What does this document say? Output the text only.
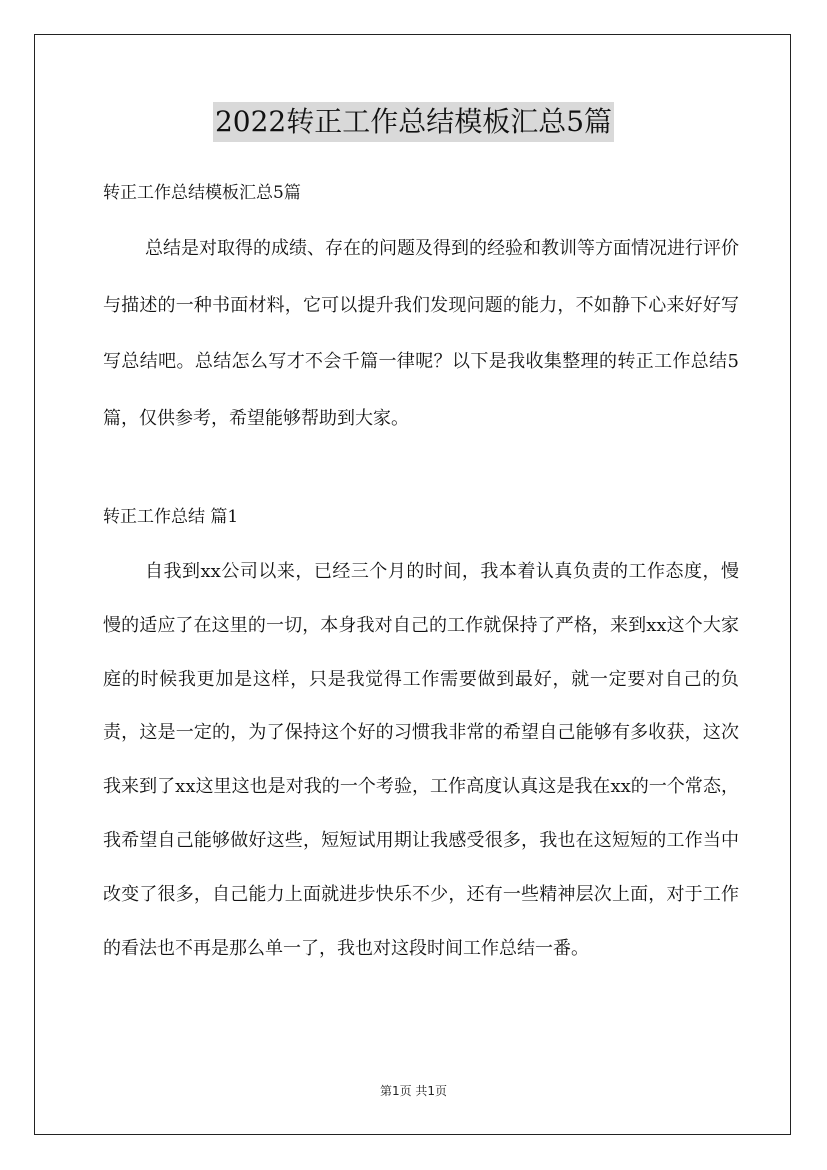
2022转正工作总结模板汇总5篇
转正工作总结模板汇总5篇

总结是对取得的成绩、存在的问题及得到的经验和教训等方面情况进行评价与描述的一种书面材料，它可以提升我们发现问题的能力，不如静下心来好好写写总结吧。总结怎么写才不会千篇一律呢？以下是我收集整理的转正工作总结5篇，仅供参考，希望能够帮助到大家。

转正工作总结 篇1

自我到xx公司以来，已经三个月的时间，我本着认真负责的工作态度，慢慢的适应了在这里的一切，本身我对自己的工作就保持了严格，来到xx这个大家庭的时候我更加是这样，只是我觉得工作需要做到最好，就一定要对自己的负责，这是一定的，为了保持这个好的习惯我非常的希望自己能够有多收获，这次我来到了xx这里这也是对我的一个考验，工作高度认真这是我在xx的一个常态，我希望自己能够做好这些，短短试用期让我感受很多，我也在这短短的工作当中改变了很多，自己能力上面就进步快乐不少，还有一些精神层次上面，对于工作的看法也不再是那么单一了，我也对这段时间工作总结一番。

第1页 共1页
